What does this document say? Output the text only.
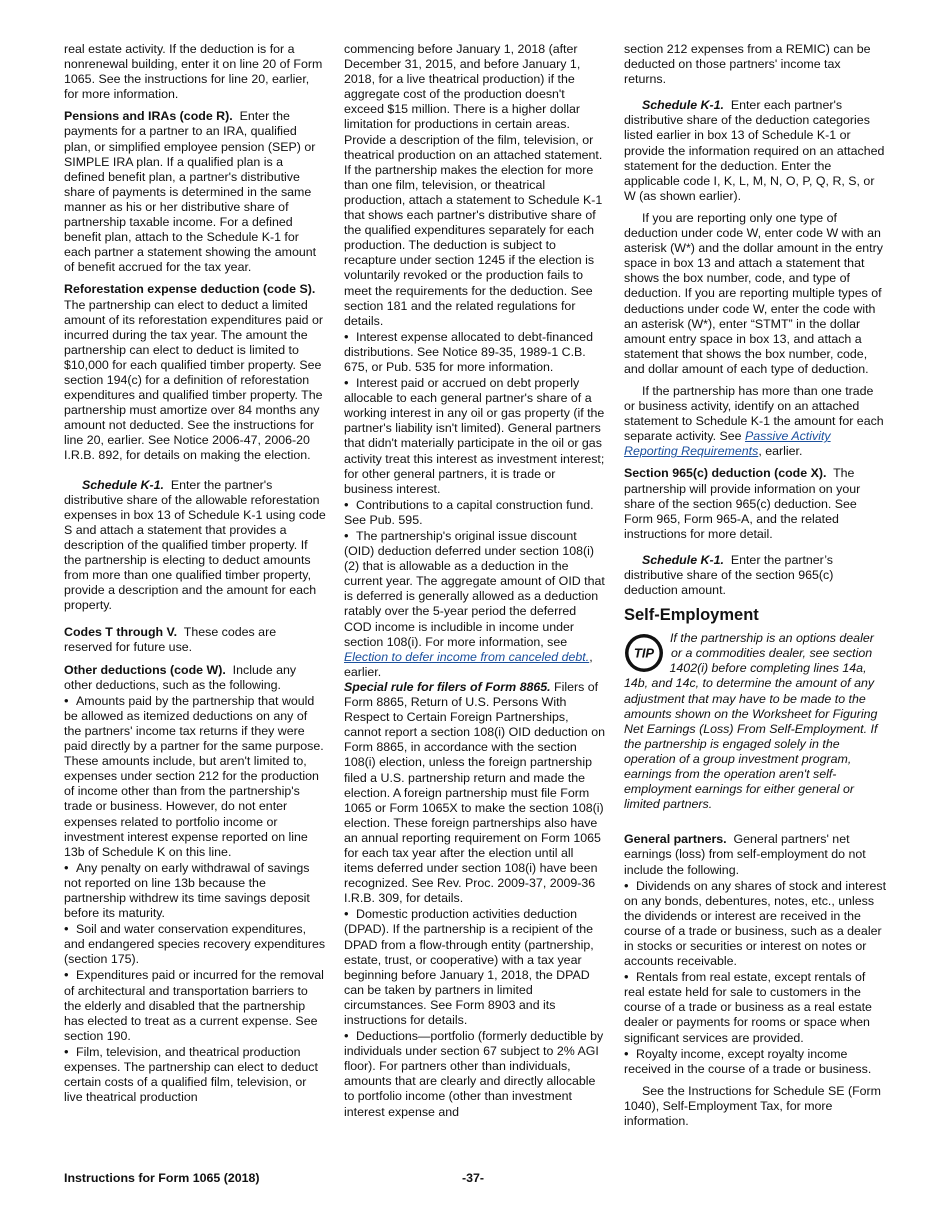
real estate activity. If the deduction is for a nonrenewal building, enter it on line 20 of Form 1065. See the instructions for line 20, earlier, for more information.

Pensions and IRAs (code R). Enter the payments for a partner to an IRA, qualified plan, or simplified employee pension (SEP) or SIMPLE IRA plan. If a qualified plan is a defined benefit plan, a partner's distributive share of payments is determined in the same manner as his or her distributive share of partnership taxable income. For a defined benefit plan, attach to the Schedule K-1 for each partner a statement showing the amount of benefit accrued for the tax year.

Reforestation expense deduction (code S).  The partnership can elect to deduct a limited amount of its reforestation expenditures paid or incurred during the tax year. The amount the partnership can elect to deduct is limited to $10,000 for each qualified timber property. See section 194(c) for a definition of reforestation expenditures and qualified timber property. The partnership must amortize over 84 months any amount not deducted. See the instructions for line 20, earlier. See Notice 2006-47, 2006-20 I.R.B. 892, for details on making the election.

Schedule K-1. Enter the partner's distributive share of the allowable reforestation expenses in box 13 of Schedule K-1 using code S and attach a statement that provides a description of the qualified timber property. If the partnership is electing to deduct amounts from more than one qualified timber property, provide a description and the amount for each property.

Codes T through V. These codes are reserved for future use.

Other deductions (code W). Include any other deductions, such as the following.

• Amounts paid by the partnership that would be allowed as itemized deductions on any of the partners' income tax returns if they were paid directly by a partner for the same purpose. These amounts include, but aren't limited to, expenses under section 212 for the production of income other than from the partnership's trade or business. However, do not enter expenses related to portfolio income or investment interest expense reported on line 13b of Schedule K on this line.
• Any penalty on early withdrawal of savings not reported on line 13b because the partnership withdrew its time savings deposit before its maturity.
• Soil and water conservation expenditures, and endangered species recovery expenditures (section 175).
• Expenditures paid or incurred for the removal of architectural and transportation barriers to the elderly and disabled that the partnership has elected to treat as a current expense. See section 190.
• Film, television, and theatrical production expenses. The partnership can elect to deduct certain costs of a qualified film, television, or live theatrical production

commencing before January 1, 2018 (after December 31, 2015, and before January 1, 2018, for a live theatrical production) if the aggregate cost of the production doesn't exceed $15 million. There is a higher dollar limitation for productions in certain areas. Provide a description of the film, television, or theatrical production on an attached statement. If the partnership makes the election for more than one film, television, or theatrical production, attach a statement to Schedule K-1 that shows each partner's distributive share of the qualified expenditures separately for each production. The deduction is subject to recapture under section 1245 if the election is voluntarily revoked or the production fails to meet the requirements for the deduction. See section 181 and the related regulations for details.

• Interest expense allocated to debt-financed distributions. See Notice 89-35, 1989-1 C.B. 675, or Pub. 535 for more information.
• Interest paid or accrued on debt properly allocable to each general partner's share of a working interest in any oil or gas property (if the partner's liability isn't limited). General partners that didn't materially participate in the oil or gas activity treat this interest as investment interest; for other general partners, it is trade or business interest.
• Contributions to a capital construction fund. See Pub. 595.
• The partnership's original issue discount (OID) deduction deferred under section 108(i)(2) that is allowable as a deduction in the current year. The aggregate amount of OID that is deferred is generally allowed as a deduction ratably over the 5-year period the deferred COD income is includible in income under section 108(i). For more information, see Election to defer income from canceled debt., earlier.

Special rule for filers of Form 8865. Filers of Form 8865, Return of U.S. Persons With Respect to Certain Foreign Partnerships, cannot report a section 108(i) OID deduction on Form 8865, in accordance with the section 108(i) election, unless the foreign partnership filed a U.S. partnership return and made the election. A foreign partnership must file Form 1065 or Form 1065X to make the section 108(i) election. These foreign partnerships also have an annual reporting requirement on Form 1065 for each tax year after the election until all items deferred under section 108(i) have been recognized. See Rev. Proc. 2009-37, 2009-36 I.R.B. 309, for details.

• Domestic production activities deduction (DPAD). If the partnership is a recipient of the DPAD from a flow-through entity (partnership, estate, trust, or cooperative) with a tax year beginning before January 1, 2018, the DPAD can be taken by partners in limited circumstances. See Form 8903 and its instructions for details.
• Deductions—portfolio (formerly deductible by individuals under section 67 subject to 2% AGI floor). For partners other than individuals, amounts that are clearly and directly allocable to portfolio income (other than investment interest expense and

section 212 expenses from a REMIC) can be deducted on those partners' income tax returns.

Schedule K-1. Enter each partner's distributive share of the deduction categories listed earlier in box 13 of Schedule K-1 or provide the information required on an attached statement for the deduction. Enter the applicable code I, K, L, M, N, O, P, Q, R, S, or W (as shown earlier).

If you are reporting only one type of deduction under code W, enter code W with an asterisk (W*) and the dollar amount in the entry space in box 13 and attach a statement that shows the box number, code, and type of deduction. If you are reporting multiple types of deductions under code W, enter the code with an asterisk (W*), enter “STMT” in the dollar amount entry space in box 13, and attach a statement that shows the box number, code, and dollar amount of each type of deduction.

If the partnership has more than one trade or business activity, identify on an attached statement to Schedule K-1 the amount for each separate activity. See Passive Activity Reporting Requirements, earlier.

Section 965(c) deduction (code X). The partnership will provide information on your share of the section 965(c) deduction. See Form 965, Form 965-A, and the related instructions for more detail.

Schedule K-1. Enter the partner’s distributive share of the section 965(c) deduction amount.

Self-Employment
TIP
If the partnership is an options dealer or a commodities dealer, see section 1402(i) before completing lines 14a, 14b, and 14c, to determine the amount of any adjustment that may have to be made to the amounts shown on the Worksheet for Figuring Net Earnings (Loss) From Self-Employment. If the partnership is engaged solely in the operation of a group investment program, earnings from the operation aren't self-employment earnings for either general or limited partners.

General partners. General partners' net earnings (loss) from self-employment do not include the following.

• Dividends on any shares of stock and interest on any bonds, debentures, notes, etc., unless the dividends or interest are received in the course of a trade or business, such as a dealer in stocks or securities or interest on notes or accounts receivable.
• Rentals from real estate, except rentals of real estate held for sale to customers in the course of a trade or business as a real estate dealer or payments for rooms or space when significant services are provided.
• Royalty income, except royalty income received in the course of a trade or business.

See the Instructions for Schedule SE (Form 1040), Self-Employment Tax, for more information.

Instructions for Form 1065 (2018)	-37-
